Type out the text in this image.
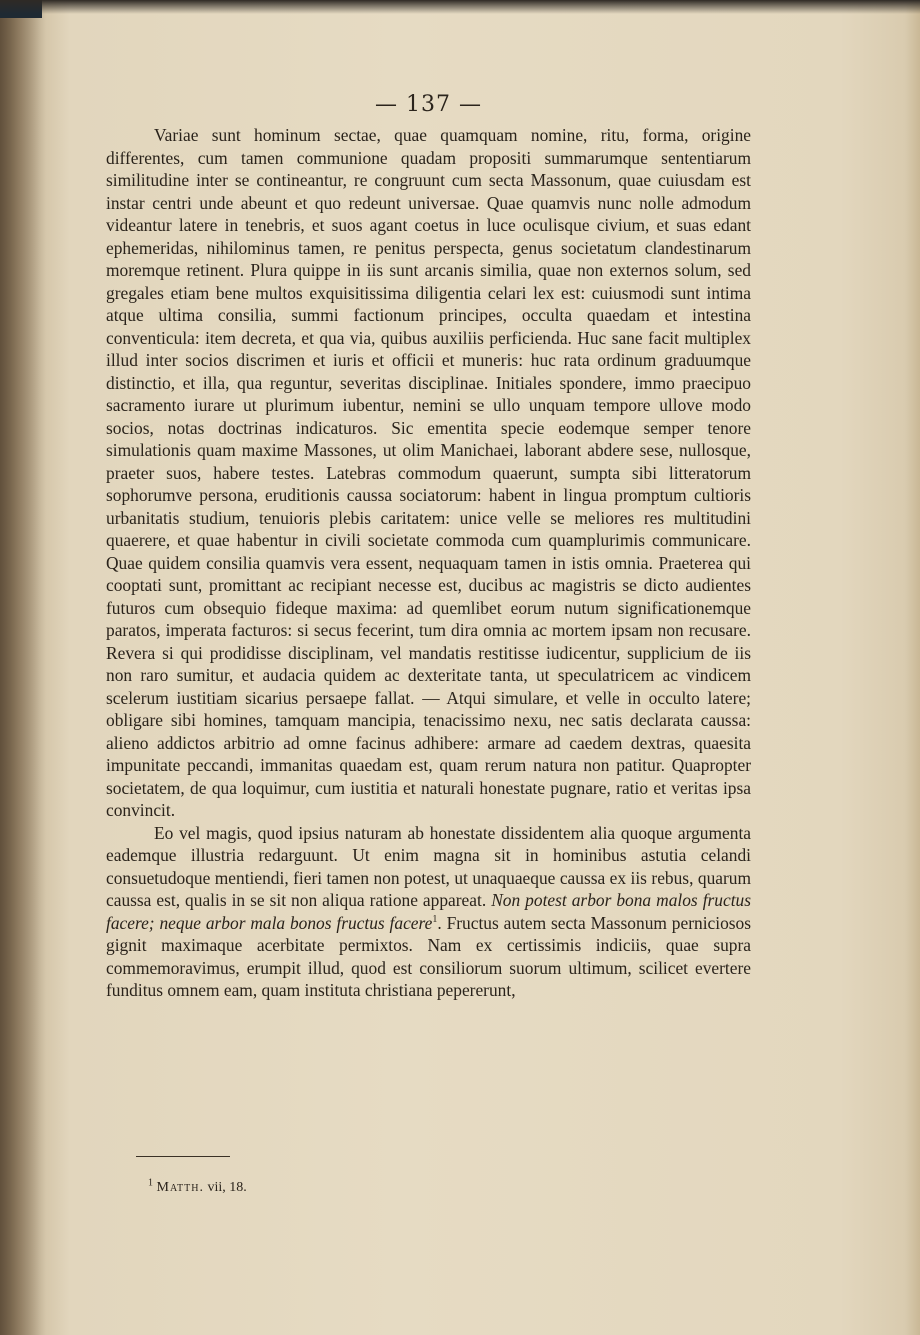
— 137 —

Variae sunt hominum sectae, quae quamquam nomine, ritu, forma, origine differentes, cum tamen communione quadam propositi summarumque sententiarum similitudine inter se contineantur, re congruunt cum secta Massonum, quae cuiusdam est instar centri unde abeunt et quo redeunt universae. Quae quamvis nunc nolle admodum videantur latere in tenebris, et suos agant coetus in luce oculisque civium, et suas edant ephemeridas, nihilominus tamen, re penitus perspecta, genus societatum clandestinarum moremque retinent. Plura quippe in iis sunt arcanis similia, quae non externos solum, sed gregales etiam bene multos exquisitissima diligentia celari lex est: cuiusmodi sunt intima atque ultima consilia, summi factionum principes, occulta quaedam et intestina conventicula: item decreta, et qua via, quibus auxiliis perficienda. Huc sane facit multiplex illud inter socios discrimen et iuris et officii et muneris: huc rata ordinum graduumque distinctio, et illa, qua reguntur, severitas disciplinae. Initiales spondere, immo praecipuo sacramento iurare ut plurimum iubentur, nemini se ullo unquam tempore ullove modo socios, notas doctrinas indicaturos. Sic ementita specie eodemque semper tenore simulationis quam maxime Massones, ut olim Manichaei, laborant abdere sese, nullosque, praeter suos, habere testes. Latebras commodum quaerunt, sumpta sibi litteratorum sophorumve persona, eruditionis caussa sociatorum: habent in lingua promptum cultioris urbanitatis studium, tenuioris plebis caritatem: unice velle se meliores res multitudini quaerere, et quae habentur in civili societate commoda cum quamplurimis communicare. Quae quidem consilia quamvis vera essent, nequaquam tamen in istis omnia. Praeterea qui cooptati sunt, promittant ac recipiant necesse est, ducibus ac magistris se dicto audientes futuros cum obsequio fideque maxima: ad quemlibet eorum nutum significationemque paratos, imperata facturos: si secus fecerint, tum dira omnia ac mortem ipsam non recusare. Revera si qui prodidisse disciplinam, vel mandatis restitisse iudicentur, supplicium de iis non raro sumitur, et audacia quidem ac dexteritate tanta, ut speculatricem ac vindicem scelerum iustitiam sicarius persaepe fallat. — Atqui simulare, et velle in occulto latere; obligare sibi homines, tamquam mancipia, tenacissimo nexu, nec satis declarata caussa: alieno addictos arbitrio ad omne facinus adhibere: armare ad caedem dextras, quaesita impunitate peccandi, immanitas quaedam est, quam rerum natura non patitur. Quapropter societatem, de qua loquimur, cum iustitia et naturali honestate pugnare, ratio et veritas ipsa convincit.

Eo vel magis, quod ipsius naturam ab honestate dissidentem alia quoque argumenta eademque illustria redarguunt. Ut enim magna sit in hominibus astutia celandi consuetudoque mentiendi, fieri tamen non potest, ut unaquaeque caussa ex iis rebus, quarum caussa est, qualis in se sit non aliqua ratione appareat. Non potest arbor bona malos fructus facere; neque arbor mala bonos fructus facere$^1$. Fructus autem secta Massonum perniciosos gignit maximaque acerbitate permixtos. Nam ex certissimis indiciis, quae supra commemoravimus, erumpit illud, quod est consiliorum suorum ultimum, scilicet evertere funditus omnem eam, quam instituta christiana pepererunt,

$^1$ Matth. vii, 18.
